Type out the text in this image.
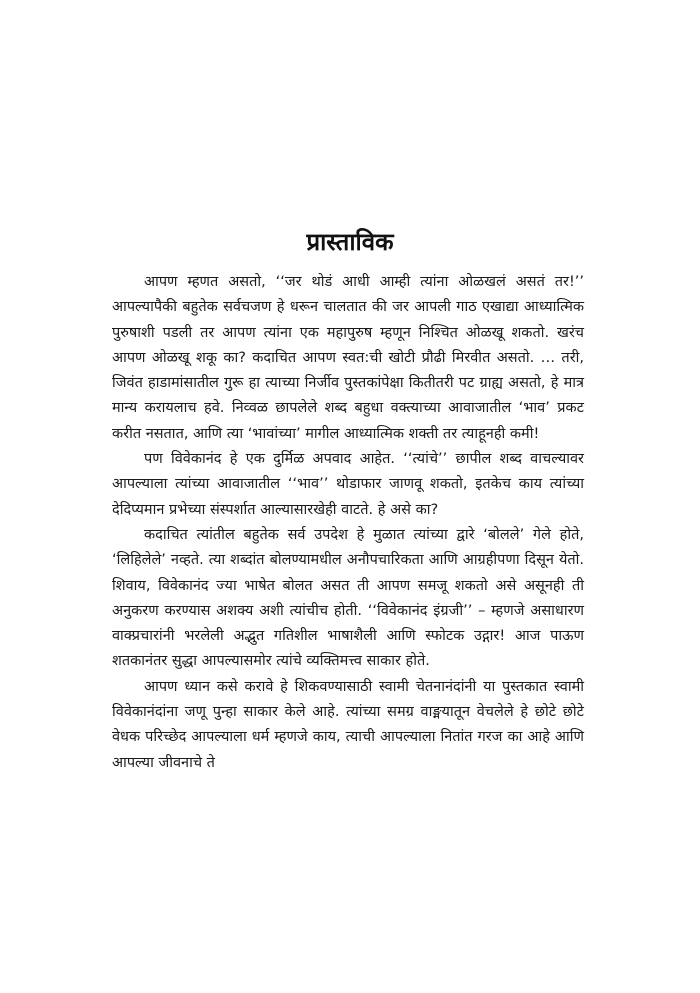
प्रास्ताविक

आपण म्हणत असतो, ‘‘जर थोडं आधी आम्ही त्यांना ओळखलं असतं तर!’’ आपल्यापैकी बहुतेक सर्वचजण हे धरून चालतात की जर आपली गाठ एखाद्या आध्यात्मिक पुरुषाशी पडली तर आपण त्यांना एक महापुरुष म्हणून निश्चित ओळखू शकतो. खरंच आपण ओळखू शकू का? कदाचित आपण स्वत:ची खोटी प्रौढी मिरवीत असतो. … तरी, जिवंत हाडामांसातील गुरू हा त्याच्या निर्जीव पुस्तकांपेक्षा कितीतरी पट ग्राह्य असतो, हे मात्र मान्य करायलाच हवे. निव्वळ छापलेले शब्द बहुधा वक्त्याच्या आवाजातील ‘भाव’ प्रकट करीत नसतात, आणि त्या ‘भावांच्या’ मागील आध्यात्मिक शक्ती तर त्याहूनही कमी!

पण विवेकानंद हे एक दुर्मिळ अपवाद आहेत. ‘‘त्यांचे’’ छापील शब्द वाचल्यावर आपल्याला त्यांच्या आवाजातील ‘‘भाव’’ थोडाफार जाणवू शकतो, इतकेच काय त्यांच्या देदिप्यमान प्रभेच्या संस्पर्शात आल्यासारखेही वाटते. हे असे का?

कदाचित त्यांतील बहुतेक सर्व उपदेश हे मुळात त्यांच्या द्वारे ‘बोलले’ गेले होते, ‘लिहिलेले’ नव्हते. त्या शब्दांत बोलण्यामधील अनौपचारिकता आणि आग्रहीपणा दिसून येतो. शिवाय, विवेकानंद ज्या भाषेत बोलत असत ती आपण समजू शकतो असे असूनही ती अनुकरण करण्यास अशक्य अशी त्यांचीच होती. ‘‘विवेकानंद इंग्रजी’’ – म्हणजे असाधारण वाक्प्रचारांनी भरलेली अद्भुत गतिशील भाषाशैली आणि स्फोटक उद्गार! आज पाऊण शतकानंतर सुद्धा आपल्यासमोर त्यांचे व्यक्तिमत्त्व साकार होते.

आपण ध्यान कसे करावे हे शिकवण्यासाठी स्वामी चेतनानंदांनी या पुस्तकात स्वामी विवेकानंदांना जणू पुन्हा साकार केले आहे. त्यांच्या समग्र वाङ्मयातून वेचलेले हे छोटे छोटे वेधक परिच्छेद आपल्याला धर्म म्हणजे काय, त्याची आपल्याला नितांत गरज का आहे आणि आपल्या जीवनाचे ते
